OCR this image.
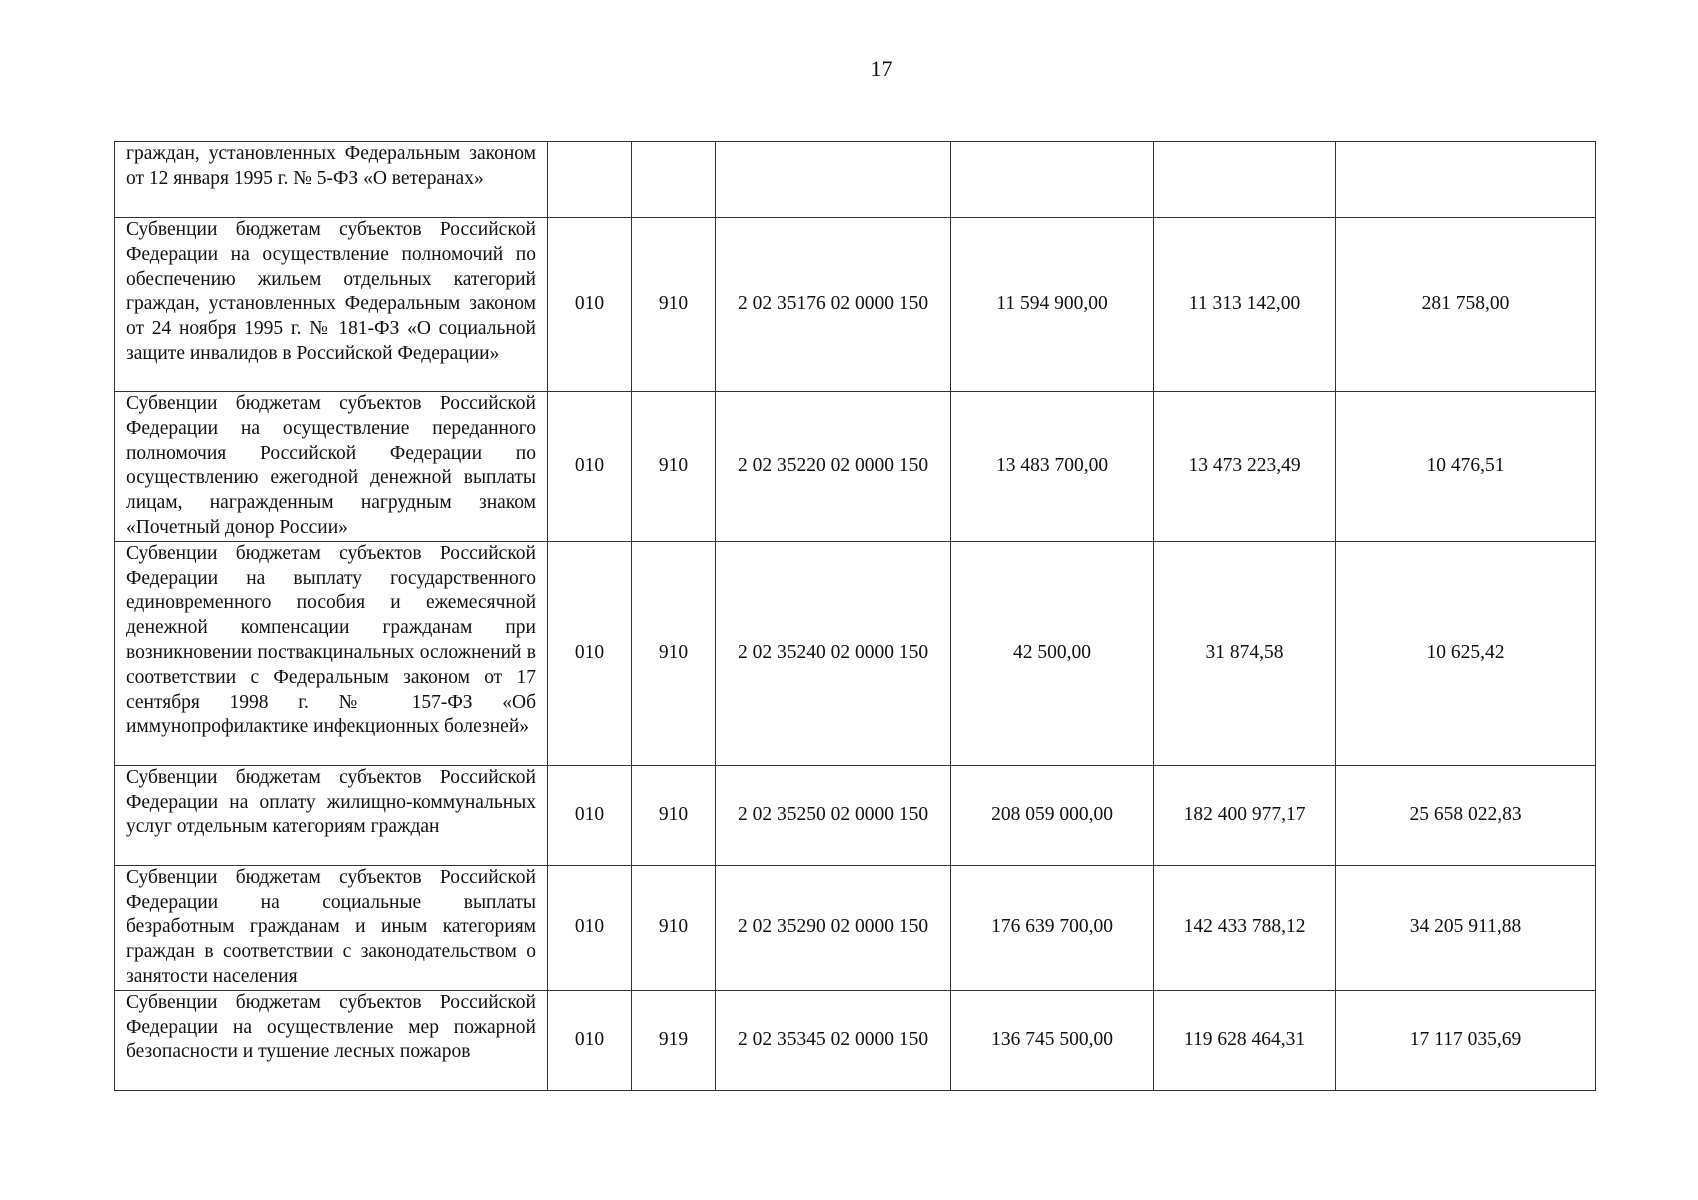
17
граждан, установленных Федеральным законом от 12 января 1995 г. № 5-ФЗ «О ветеранах»						
Субвенции бюджетам субъектов Российской Федерации на осуществление полномочий по обеспечению жильем отдельных категорий граждан, установленных Федеральным законом от 24 ноября 1995 г. № 181-ФЗ «О социальной защите инвалидов в Российской Федерации»	010	910	2 02 35176 02 0000 150	11 594 900,00	11 313 142,00	281 758,00
Субвенции бюджетам субъектов Российской Федерации на осуществление переданного полномочия Российской Федерации по осуществлению ежегодной денежной выплаты лицам, награжденным нагрудным знаком «Почетный донор России»	010	910	2 02 35220 02 0000 150	13 483 700,00	13 473 223,49	10 476,51
Субвенции бюджетам субъектов Российской Федерации на выплату государственного единовременного пособия и ежемесячной денежной компенсации гражданам при возникновении поствакцинальных осложнений в соответствии с Федеральным законом от 17 сентября 1998 г. № 157-ФЗ «Об иммунопрофилактике инфекционных болезней»	010	910	2 02 35240 02 0000 150	42 500,00	31 874,58	10 625,42
Субвенции бюджетам субъектов Российской Федерации на оплату жилищно-коммунальных услуг отдельным категориям граждан	010	910	2 02 35250 02 0000 150	208 059 000,00	182 400 977,17	25 658 022,83
Субвенции бюджетам субъектов Российской Федерации на социальные выплаты безработным гражданам и иным категориям граждан в соответствии с законодательством о занятости населения	010	910	2 02 35290 02 0000 150	176 639 700,00	142 433 788,12	34 205 911,88
Субвенции бюджетам субъектов Российской Федерации на осуществление мер пожарной безопасности и тушение лесных пожаров	010	919	2 02 35345 02 0000 150	136 745 500,00	119 628 464,31	17 117 035,69
